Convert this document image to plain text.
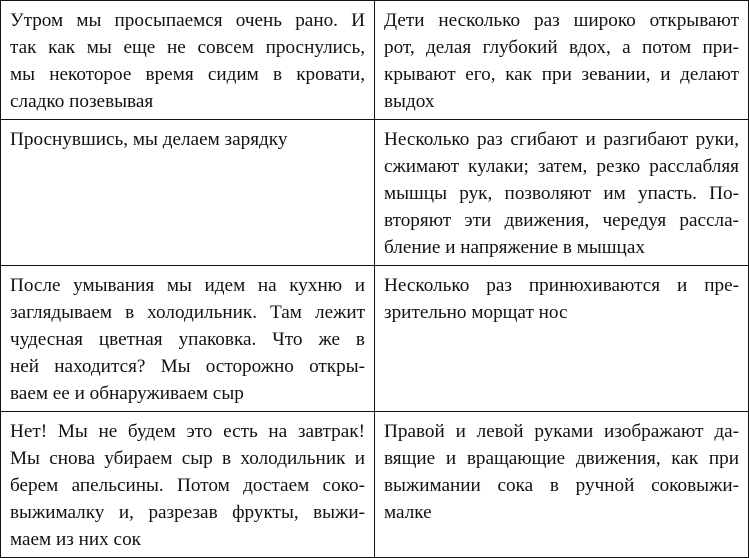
Утром мы просыпаемся очень рано. И
так как мы еще не совсем проснулись,
мы некоторое время сидим в кровати,
сладко позевывая	Дети несколько раз широко открывают
рот, делая глубокий вдох, а потом при-
крывают его, как при зевании, и делают
выдох

Проснувшись, мы делаем зарядку	Несколько раз сгибают и разгибают руки,
сжимают кулаки; затем, резко расслабляя
мышцы рук, позволяют им упасть. По-
вторяют эти движения, чередуя расслa-
бление и напряжение в мышцах

После умывания мы идем на кухню и
заглядываем в холодильник. Там лежит
чудесная цветная упаковка. Что же в
ней находится? Мы осторожно откры-
ваем ее и обнаруживаем сыр	Несколько раз принюхиваются и пре-
зрительно морщат нос

Нет! Мы не будем это есть на завтрак!
Мы снова убираем сыр в холодильник и
берем апельсины. Потом достаем соко-
выжималку и, разрезав фрукты, выжи-
маем из них сок	Правой и левой руками изображают да-
вящие и вращающие движения, как при
выжимании сока в ручной соковыжи-
малке
